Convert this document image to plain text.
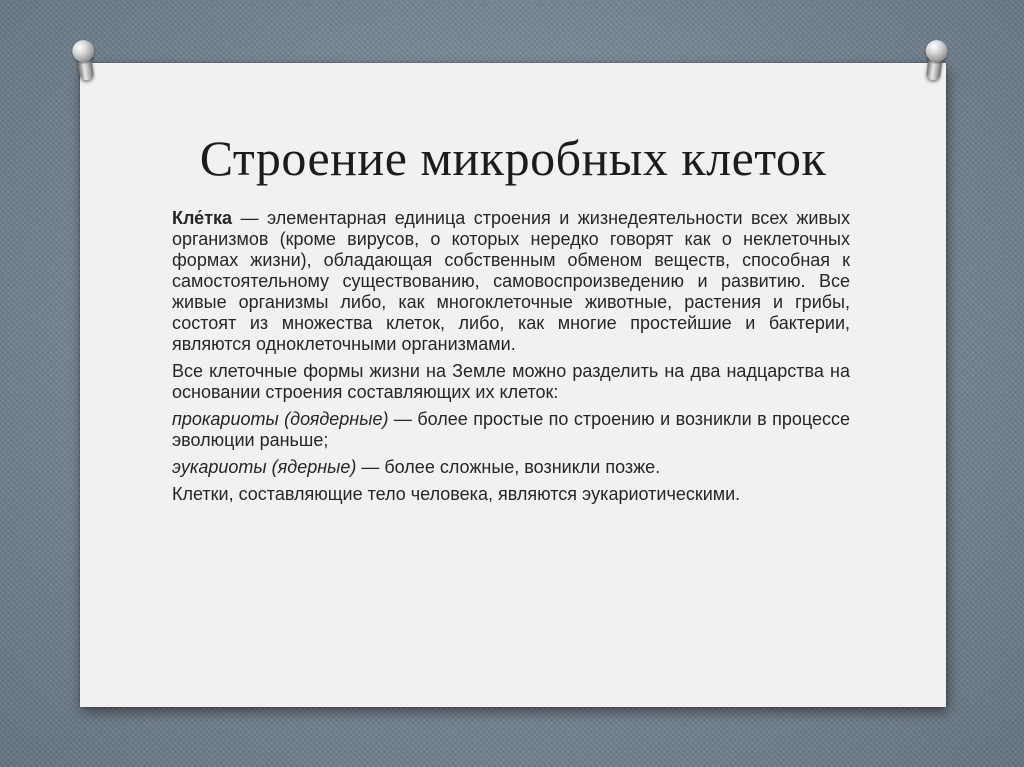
Строение микробных клеток

Кле́тка — элементарная единица строения и жизнедеятельности всех живых организмов (кроме вирусов, о которых нередко говорят как о неклеточных формах жизни), обладающая собственным обменом веществ, способная к самостоятельному существованию, самовоспроизведению и развитию. Все живые организмы либо, как многоклеточные животные, растения и грибы, состоят из множества клеток, либо, как многие простейшие и бактерии, являются одноклеточными организмами.

Все клеточные формы жизни на Земле можно разделить на два надцарства на основании строения составляющих их клеток:

прокариоты (доядерные) — более простые по строению и возникли в процессе эволюции раньше;

эукариоты (ядерные) — более сложные, возникли позже.

Клетки, составляющие тело человека, являются эукариотическими.
